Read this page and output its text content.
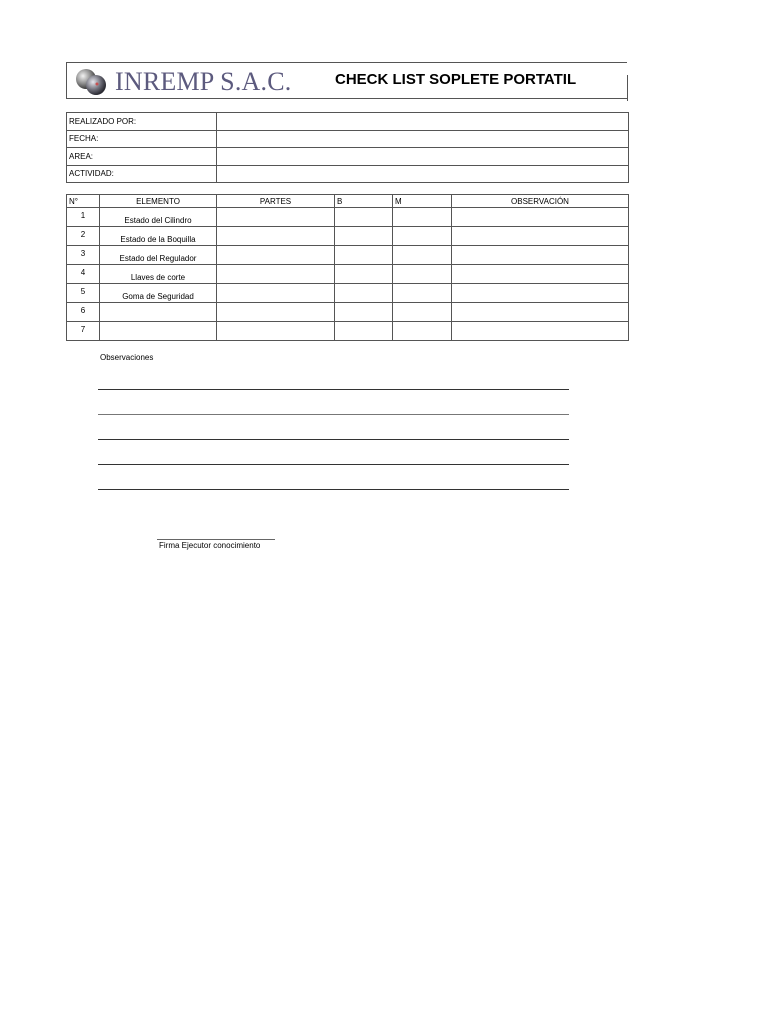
INREMP S.A.C.	CHECK LIST SOPLETE PORTATIL
REALIZADO POR:	
FECHA:	
AREA:	
ACTIVIDAD:	
N°	ELEMENTO	PARTES	B	M	OBSERVACIÓN
1	Estado del Cilindro				
2	Estado de la Boquilla				
3	Estado del Regulador				
4	Llaves de corte				
5	Goma de Seguridad				
6					
7					
Observaciones
Firma Ejecutor conocimiento
